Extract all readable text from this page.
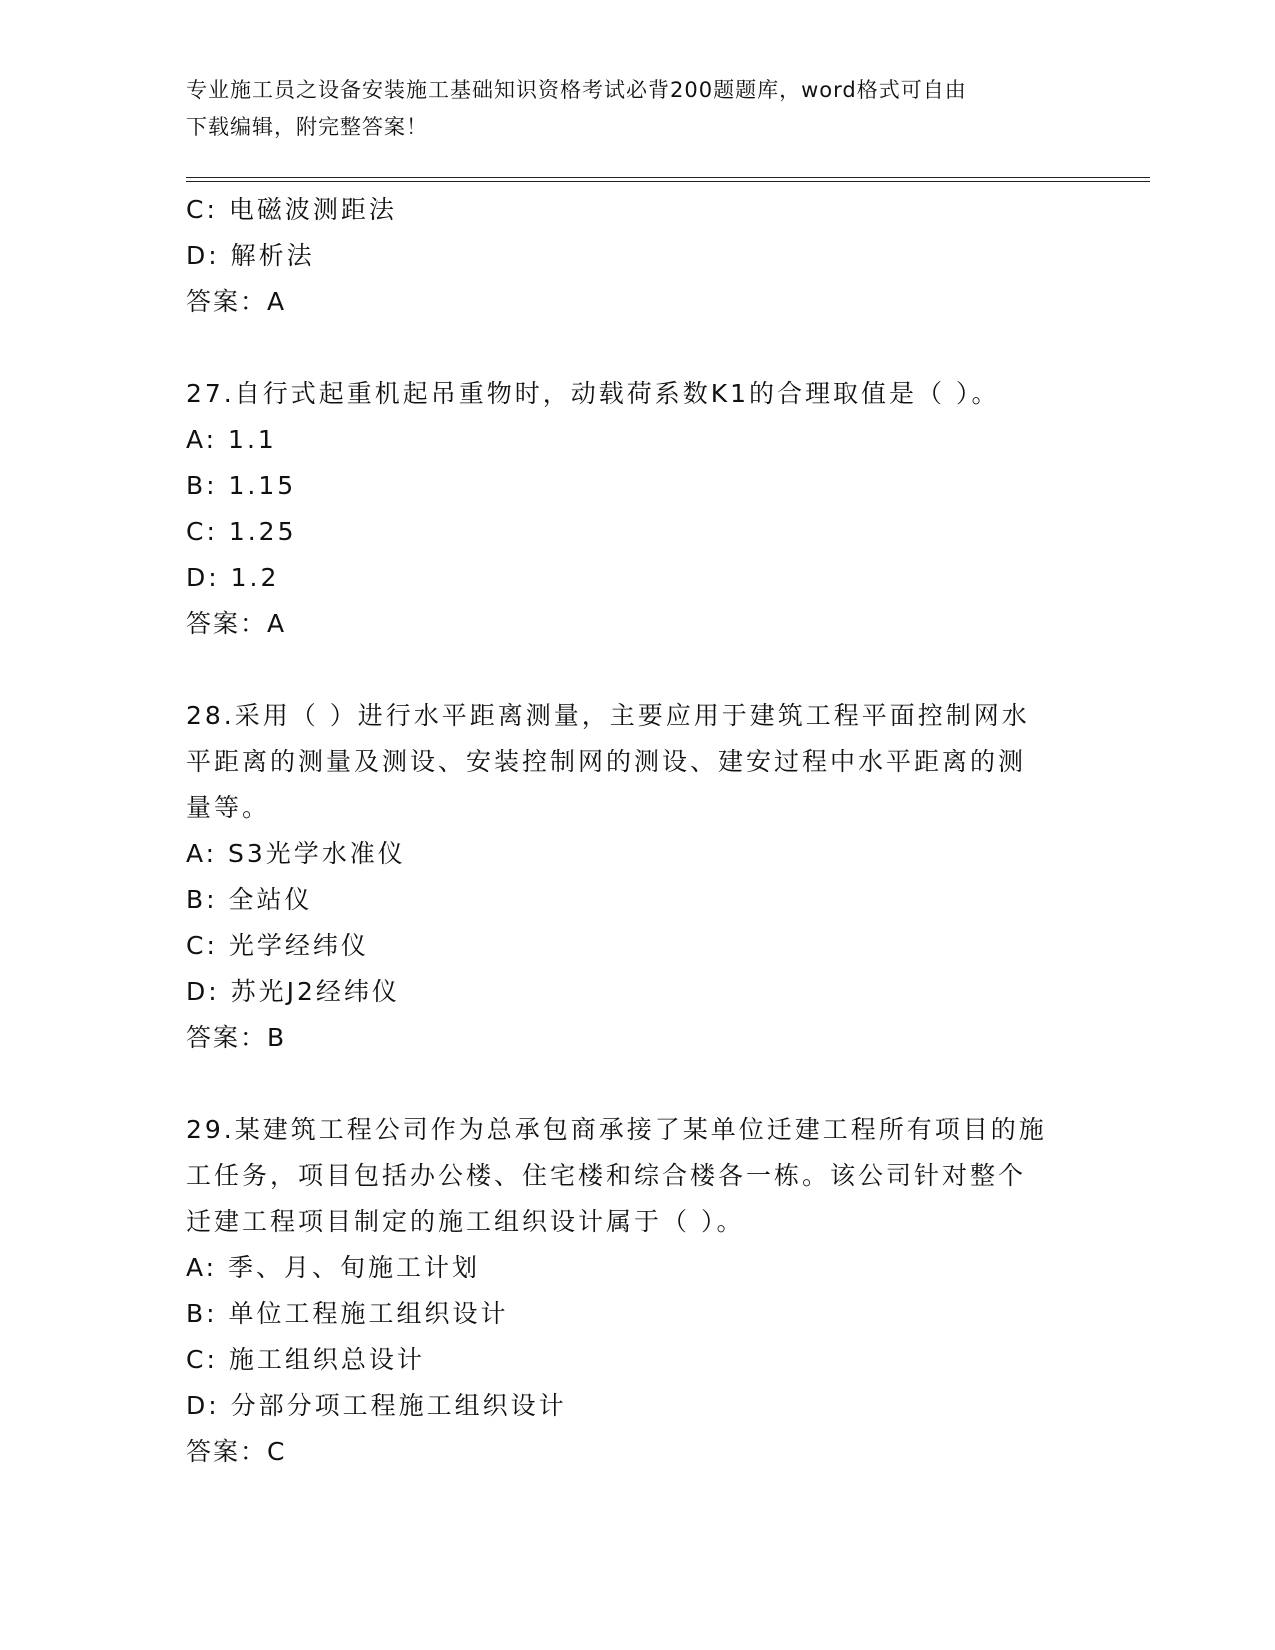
专业施工员之设备安装施工基础知识资格考试必背200题题库，word格式可自由
下载编辑，附完整答案！
C: 电磁波测距法
D: 解析法
答案：A
27.自行式起重机起吊重物时，动载荷系数K1的合理取值是（ ）。
A: 1.1
B: 1.15
C: 1.25
D: 1.2
答案：A
28.采用（ ）进行水平距离测量，主要应用于建筑工程平面控制网水
平距离的测量及测设、安装控制网的测设、建安过程中水平距离的测
量等。
A: S3光学水准仪
B: 全站仪
C: 光学经纬仪
D: 苏光J2经纬仪
答案：B
29.某建筑工程公司作为总承包商承接了某单位迁建工程所有项目的施
工任务，项目包括办公楼、住宅楼和综合楼各一栋。该公司针对整个
迁建工程项目制定的施工组织设计属于（ ）。
A: 季、月、旬施工计划
B: 单位工程施工组织设计
C: 施工组织总设计
D: 分部分项工程施工组织设计
答案：C
